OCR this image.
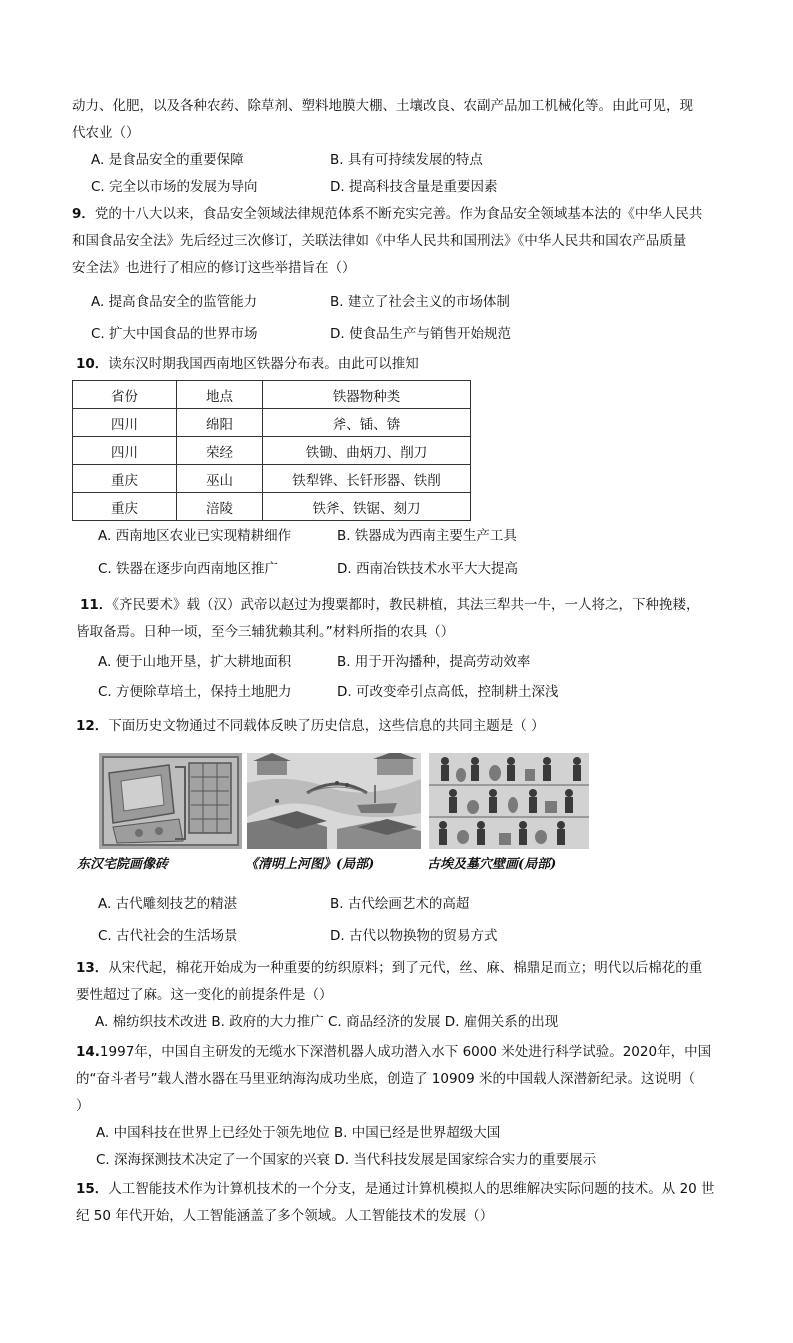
动力、化肥，以及各种农药、除草剂、塑料地膜大棚、土壤改良、农副产品加工机械化等。由此可见，现
代农业（）
A. 是食品安全的重要保障	B. 具有可持续发展的特点
C. 完全以市场的发展为导向	D. 提高科技含量是重要因素
9．党的十八大以来，食品安全领域法律规范体系不断充实完善。作为食品安全领域基本法的《中华人民共
和国食品安全法》先后经过三次修订，关联法律如《中华人民共和国刑法》《中华人民共和国农产品质量
安全法》也进行了相应的修订这些举措旨在（）
A. 提高食品安全的监管能力	B. 建立了社会主义的市场体制
C. 扩大中国食品的世界市场	D. 使食品生产与销售开始规范
10．读东汉时期我国西南地区铁器分布表。由此可以推知
省份	地点	铁器物种类
四川	绵阳	斧、锸、锛
四川	荣经	铁锄、曲炳刀、削刀
重庆	巫山	铁犁铧、长钎形器、铁削
重庆	涪陵	铁斧、铁锯、刻刀
A. 西南地区农业已实现精耕细作	B. 铁器成为西南主要生产工具
C. 铁器在逐步向西南地区推广	D. 西南冶铁技术水平大大提高
11．《齐民要术》载（汉）武帝以赵过为搜粟都时，教民耕植，其法三犁共一牛，一人将之，下种挽耧，
皆取备焉。日种一顷，至今三辅犹赖其利。”材料所指的农具（）
A. 便于山地开垦，扩大耕地面积	B. 用于开沟播种，提高劳动效率
C. 方便除草培土，保持土地肥力	D. 可改变牵引点高低，控制耕土深浅
12．下面历史文物通过不同载体反映了历史信息，这些信息的共同主题是（ ）
东汉宅院画像砖	《清明上河图》(局部)	古埃及墓穴壁画(局部)
A. 古代雕刻技艺的精湛	B. 古代绘画艺术的高超
C. 古代社会的生活场景	D. 古代以物换物的贸易方式
13．从宋代起，棉花开始成为一种重要的纺织原料；到了元代，丝、麻、棉鼎足而立；明代以后棉花的重
要性超过了麻。这一变化的前提条件是（）
A. 棉纺织技术改进 B. 政府的大力推广 C. 商品经济的发展 D. 雇佣关系的出现
14.1997年，中国自主研发的无缆水下深潜机器人成功潜入水下 6000 米处进行科学试验。2020年，中国
的“奋斗者号”载人潜水器在马里亚纳海沟成功坐底，创造了 10909 米的中国载人深潜新纪录。这说明（
）
A. 中国科技在世界上已经处于领先地位 B. 中国已经是世界超级大国
C. 深海探测技术决定了一个国家的兴衰 D. 当代科技发展是国家综合实力的重要展示
15．人工智能技术作为计算机技术的一个分支，是通过计算机模拟人的思维解决实际问题的技术。从 20 世
纪 50 年代开始，人工智能涵盖了多个领域。人工智能技术的发展（）
